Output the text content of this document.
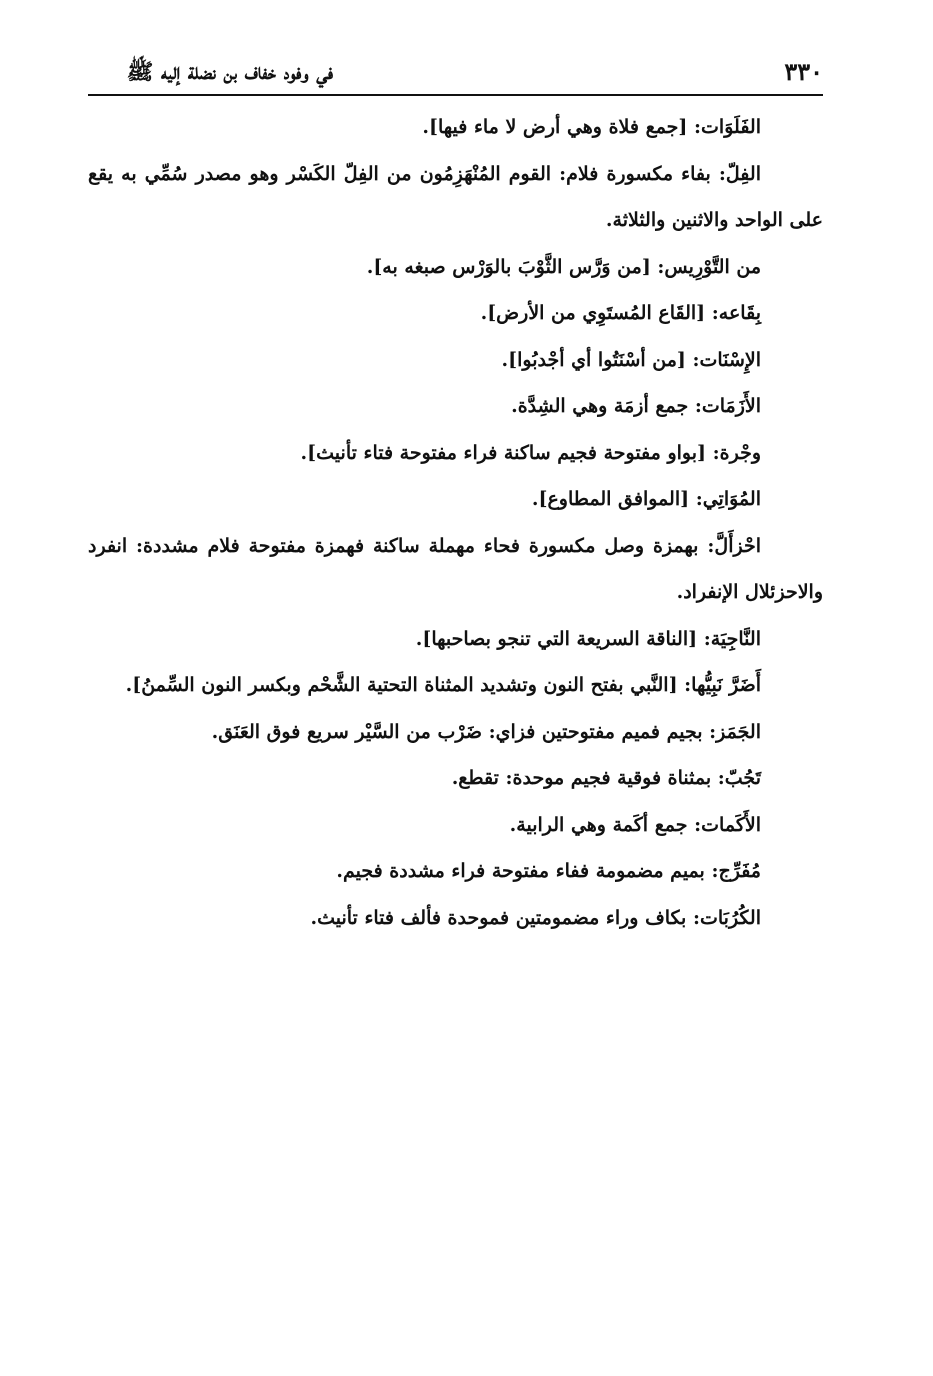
٣٣٠
في وفود خفاف بن نضلة إليه ﷺ

الفَلَوَات: [جمع فلاة وهي أرض لا ماء فيها].

الفِلّ: بفاء مكسورة فلام: القوم المُنْهَزِمُون من الفِلّ الكَسْر وهو مصدر سُمِّي به يقع على الواحد والاثنين والثلاثة.

من التَّوْرِيس: [من وَرَّس الثَّوْبَ بالوَرْس صبغه به].

بِقَاعه: [القَاع المُستَوِي من الأرض].

الإِسْنَات: [من أسْنَتُوا أي أجْدبُوا].

الأَزَمَات: جمع أزمَة وهي الشِدَّة.

وجْرة: [بواو مفتوحة فجيم ساكنة فراء مفتوحة فتاء تأنيث].

المُوَاتِي: [الموافق المطاوع].

احْزأَلَّ: بهمزة وصل مكسورة فحاء مهملة ساكنة فهمزة مفتوحة فلام مشددة: انفرد والاحزئلال الإنفراد.

النَّاجِيَة: [الناقة السريعة التي تنجو بصاحبها].

أَضَرَّ نَبِيُّها: [النَّبي بفتح النون وتشديد المثناة التحتية الشَّحْم وبكسر النون السِّمنُ].

الجَمَز: بجيم فميم مفتوحتين فزاي: ضَرْب من السَّيْر سريع فوق العَنَق.

تَجُبّ: بمثناة فوقية فجيم موحدة: تقطع.

الأَكَمات: جمع أكَمة وهي الرابية.

مُفَرِّج: بميم مضمومة ففاء مفتوحة فراء مشددة فجيم.

الكُرُبَات: بكاف وراء مضمومتين فموحدة فألف فتاء تأنيث.
